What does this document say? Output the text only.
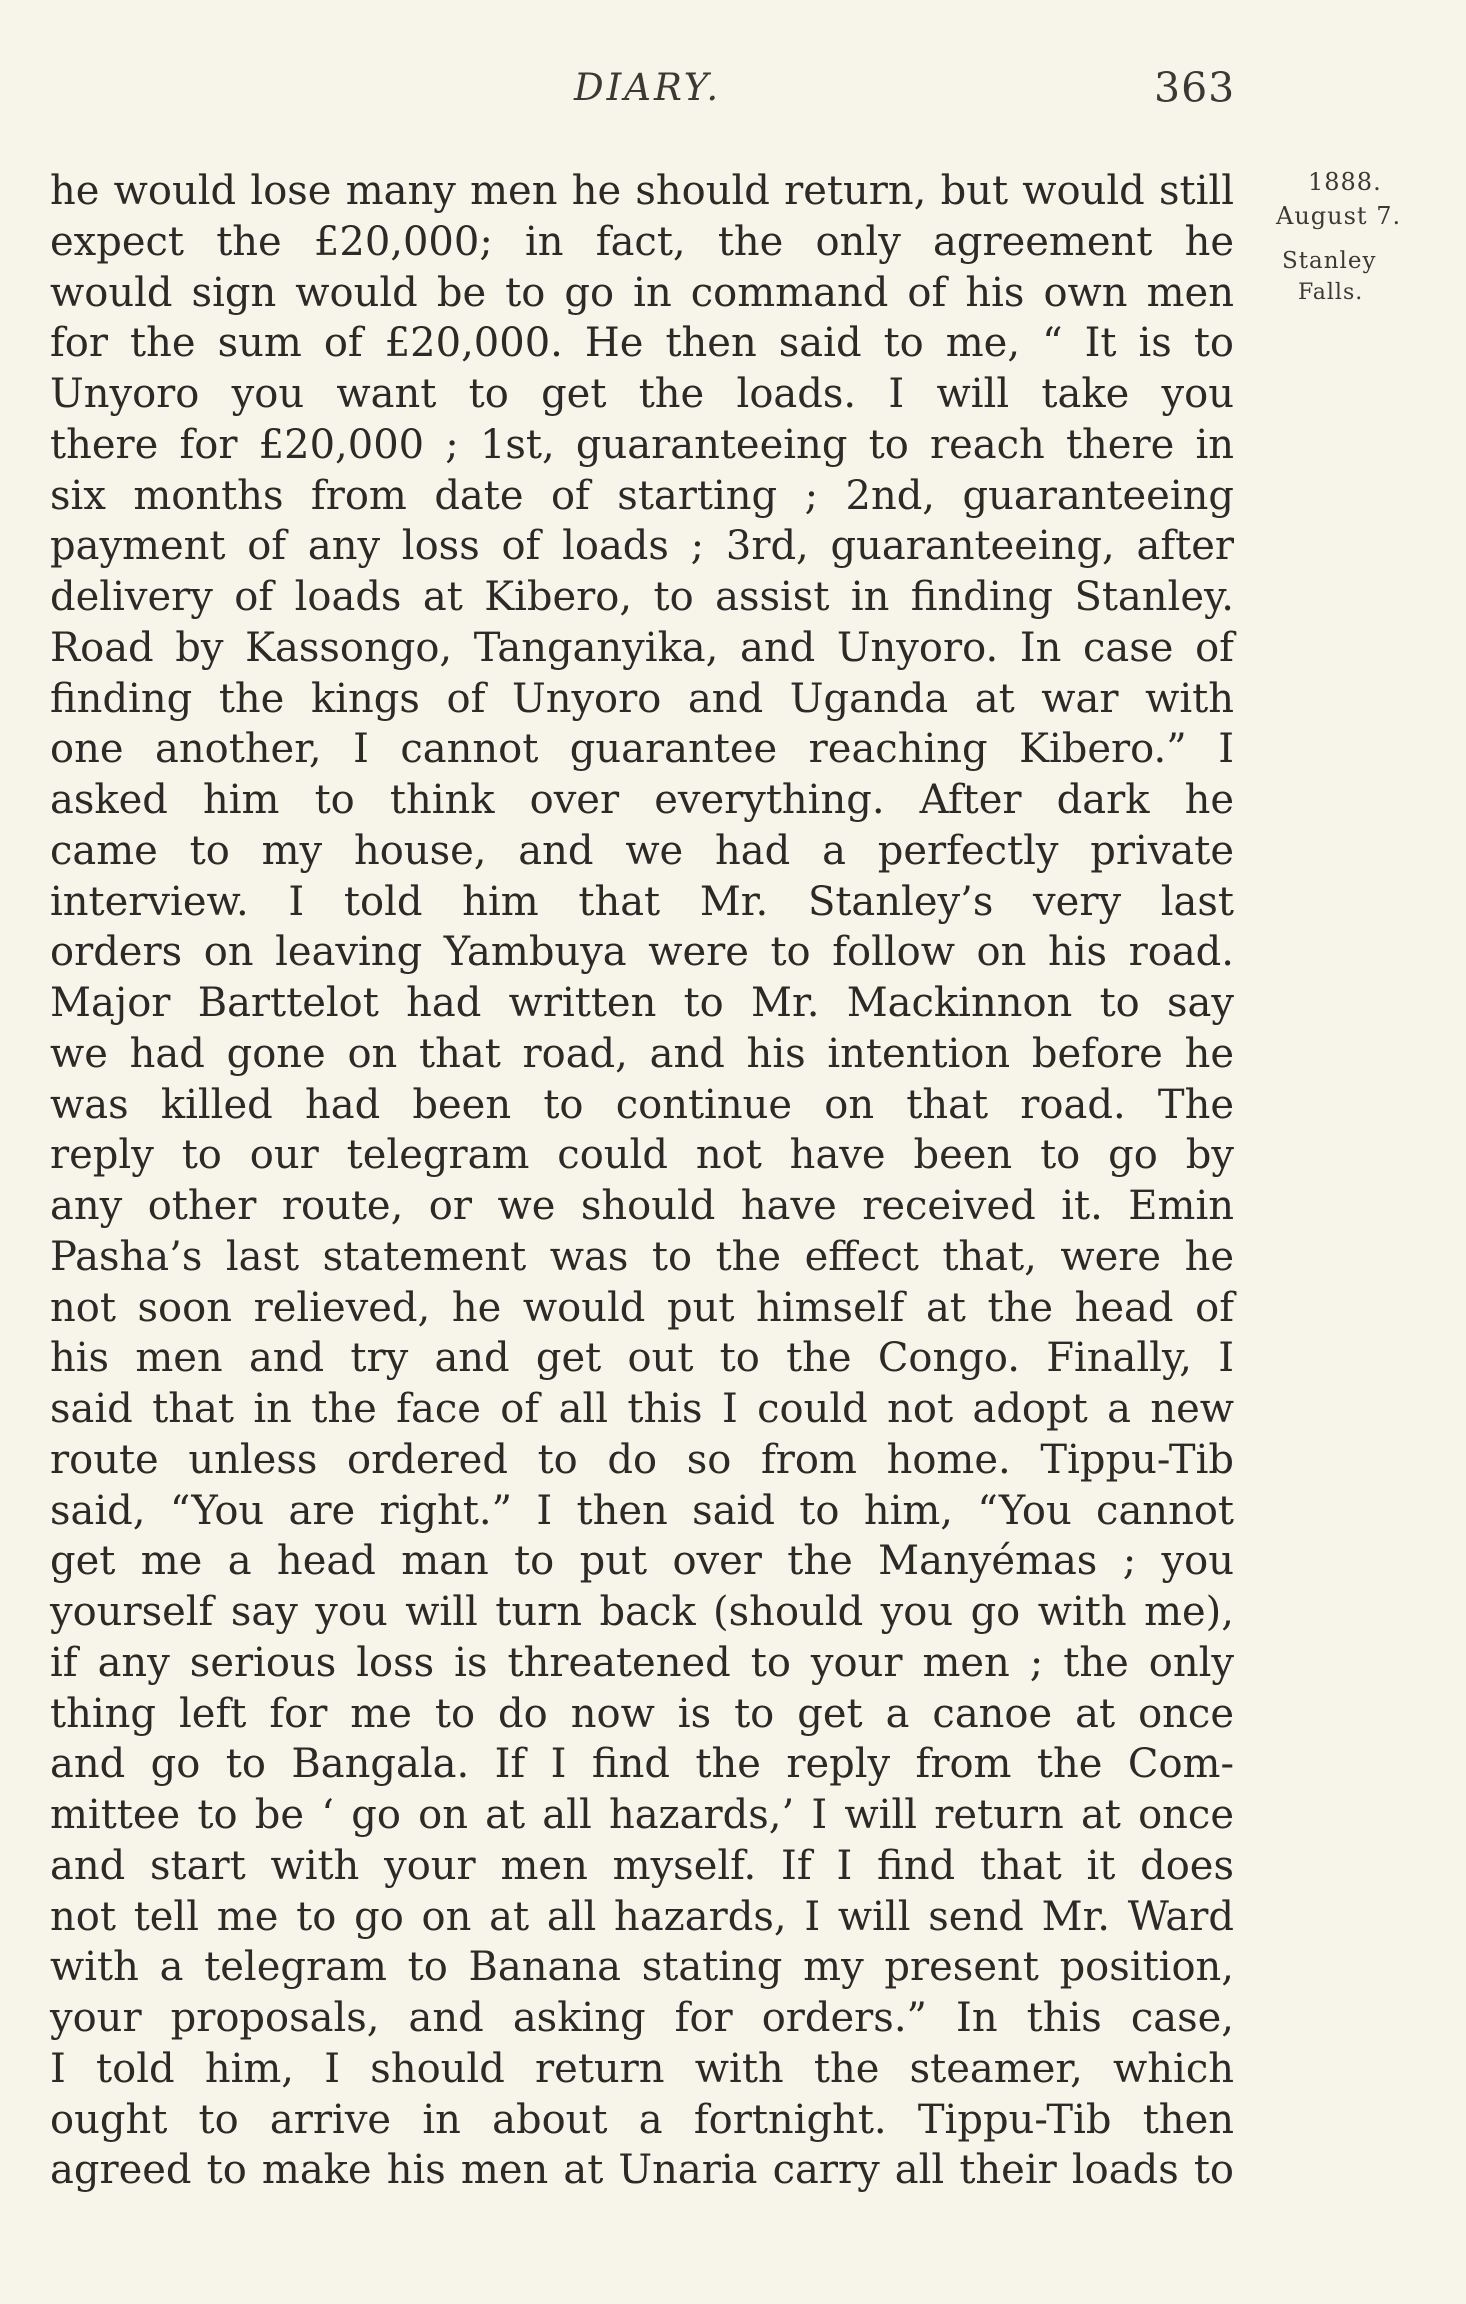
DIARY.	363
1888.
August 7.
Stanley
Falls.
he would lose many men he should return, but would still
expect the £20,000; in fact, the only agreement he
would sign would be to go in command of his own men
for the sum of £20,000. He then said to me, “ It is to
Unyoro you want to get the loads. I will take you
there for £20,000 ; 1st, guaranteeing to reach there in
six months from date of starting ; 2nd, guaranteeing
payment of any loss of loads ; 3rd, guaranteeing, after
delivery of loads at Kibero, to assist in finding Stanley.
Road by Kassongo, Tanganyika, and Unyoro. In case of
finding the kings of Unyoro and Uganda at war with
one another, I cannot guarantee reaching Kibero.” I
asked him to think over everything. After dark he
came to my house, and we had a perfectly private
interview. I told him that Mr. Stanley’s very last
orders on leaving Yambuya were to follow on his road.
Major Barttelot had written to Mr. Mackinnon to say
we had gone on that road, and his intention before he
was killed had been to continue on that road. The
reply to our telegram could not have been to go by
any other route, or we should have received it. Emin
Pasha’s last statement was to the effect that, were he
not soon relieved, he would put himself at the head of
his men and try and get out to the Congo. Finally, I
said that in the face of all this I could not adopt a new
route unless ordered to do so from home. Tippu-Tib
said, “You are right.” I then said to him, “You cannot
get me a head man to put over the Manyémas ; you
yourself say you will turn back (should you go with me),
if any serious loss is threatened to your men ; the only
thing left for me to do now is to get a canoe at once
and go to Bangala. If I find the reply from the Com-
mittee to be ‘ go on at all hazards,’ I will return at once
and start with your men myself. If I find that it does
not tell me to go on at all hazards, I will send Mr. Ward
with a telegram to Banana stating my present position,
your proposals, and asking for orders.” In this case,
I told him, I should return with the steamer, which
ought to arrive in about a fortnight. Tippu-Tib then
agreed to make his men at Unaria carry all their loads to
